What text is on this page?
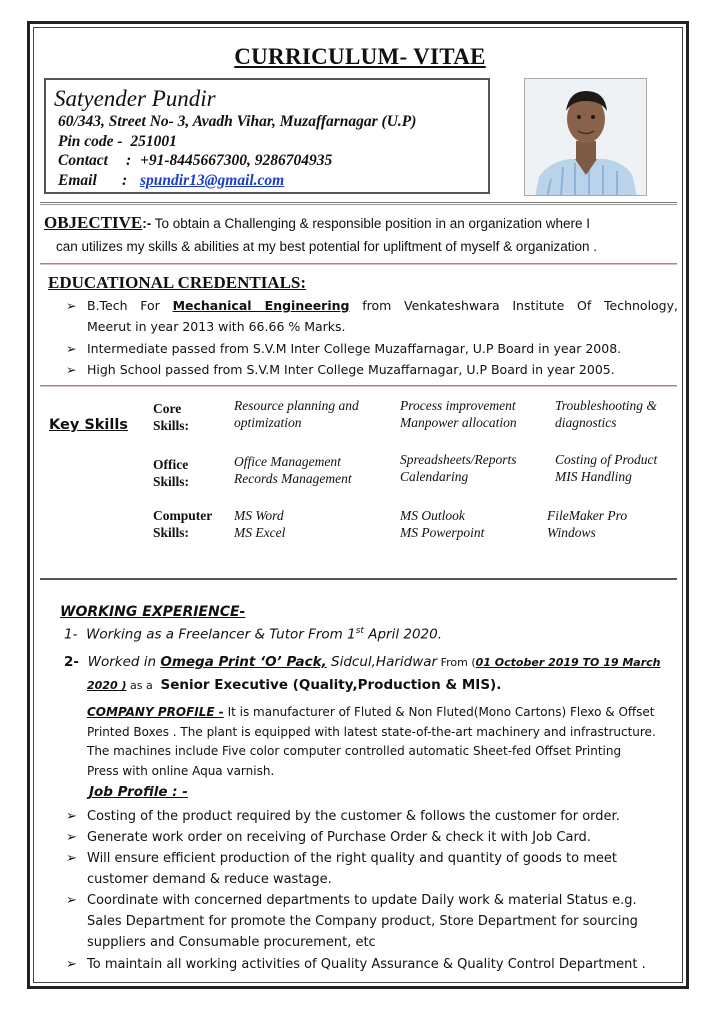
CURRICULUM- VITAE
Satyender Pundir
60/343, Street No- 3, Avadh Vihar, Muzaffarnagar (U.P)
Pin code - 251001
Contact : +91-8445667300, 9286704935
Email : spundir13@gmail.com
OBJECTIVE:- To obtain a Challenging & responsible position in an organization where I
can utilizes my skills & abilities at my best potential for upliftment of myself & organization .
EDUCATIONAL CREDENTIALS:
➢ B.Tech For Mechanical Engineering from Venkateshwara Institute Of Technology,
Meerut in year 2013 with 66.66 % Marks.
➢ Intermediate passed from S.V.M Inter College Muzaffarnagar, U.P Board in year 2008.
➢ High School passed from S.V.M Inter College Muzaffarnagar, U.P Board in year 2005.
Key Skills
Core
Skills:
Resource planning and
optimization
Process improvement
Manpower allocation
Troubleshooting &
diagnostics
Office
Skills:
Office Management
Records Management
Spreadsheets/Reports
Calendaring
Costing of Product
MIS Handling
Computer
Skills:
MS Word
MS Excel
MS Outlook
MS Powerpoint
FileMaker Pro
Windows
WORKING EXPERIENCE-
1- Working as a Freelancer & Tutor From 1st April 2020.
2- Worked in Omega Print ‘O’ Pack, Sidcul,Haridwar From (01 October 2019 TO 19 March
2020 ) as a  Senior Executive (Quality,Production & MIS).
COMPANY PROFILE - It is manufacturer of Fluted & Non Fluted(Mono Cartons) Flexo & Offset
Printed Boxes . The plant is equipped with latest state-of-the-art machinery and infrastructure.
The machines include Five color computer controlled automatic Sheet-fed Offset Printing
Press with online Aqua varnish.
Job Profile : -
➢ Costing of the product required by the customer & follows the customer for order.
➢ Generate work order on receiving of Purchase Order & check it with Job Card.
➢ Will ensure efficient production of the right quality and quantity of goods to meet
customer demand & reduce wastage.
➢ Coordinate with concerned departments to update Daily work & material Status e.g.
Sales Department for promote the Company product, Store Department for sourcing
suppliers and Consumable procurement, etc
➢ To maintain all working activities of Quality Assurance & Quality Control Department .
